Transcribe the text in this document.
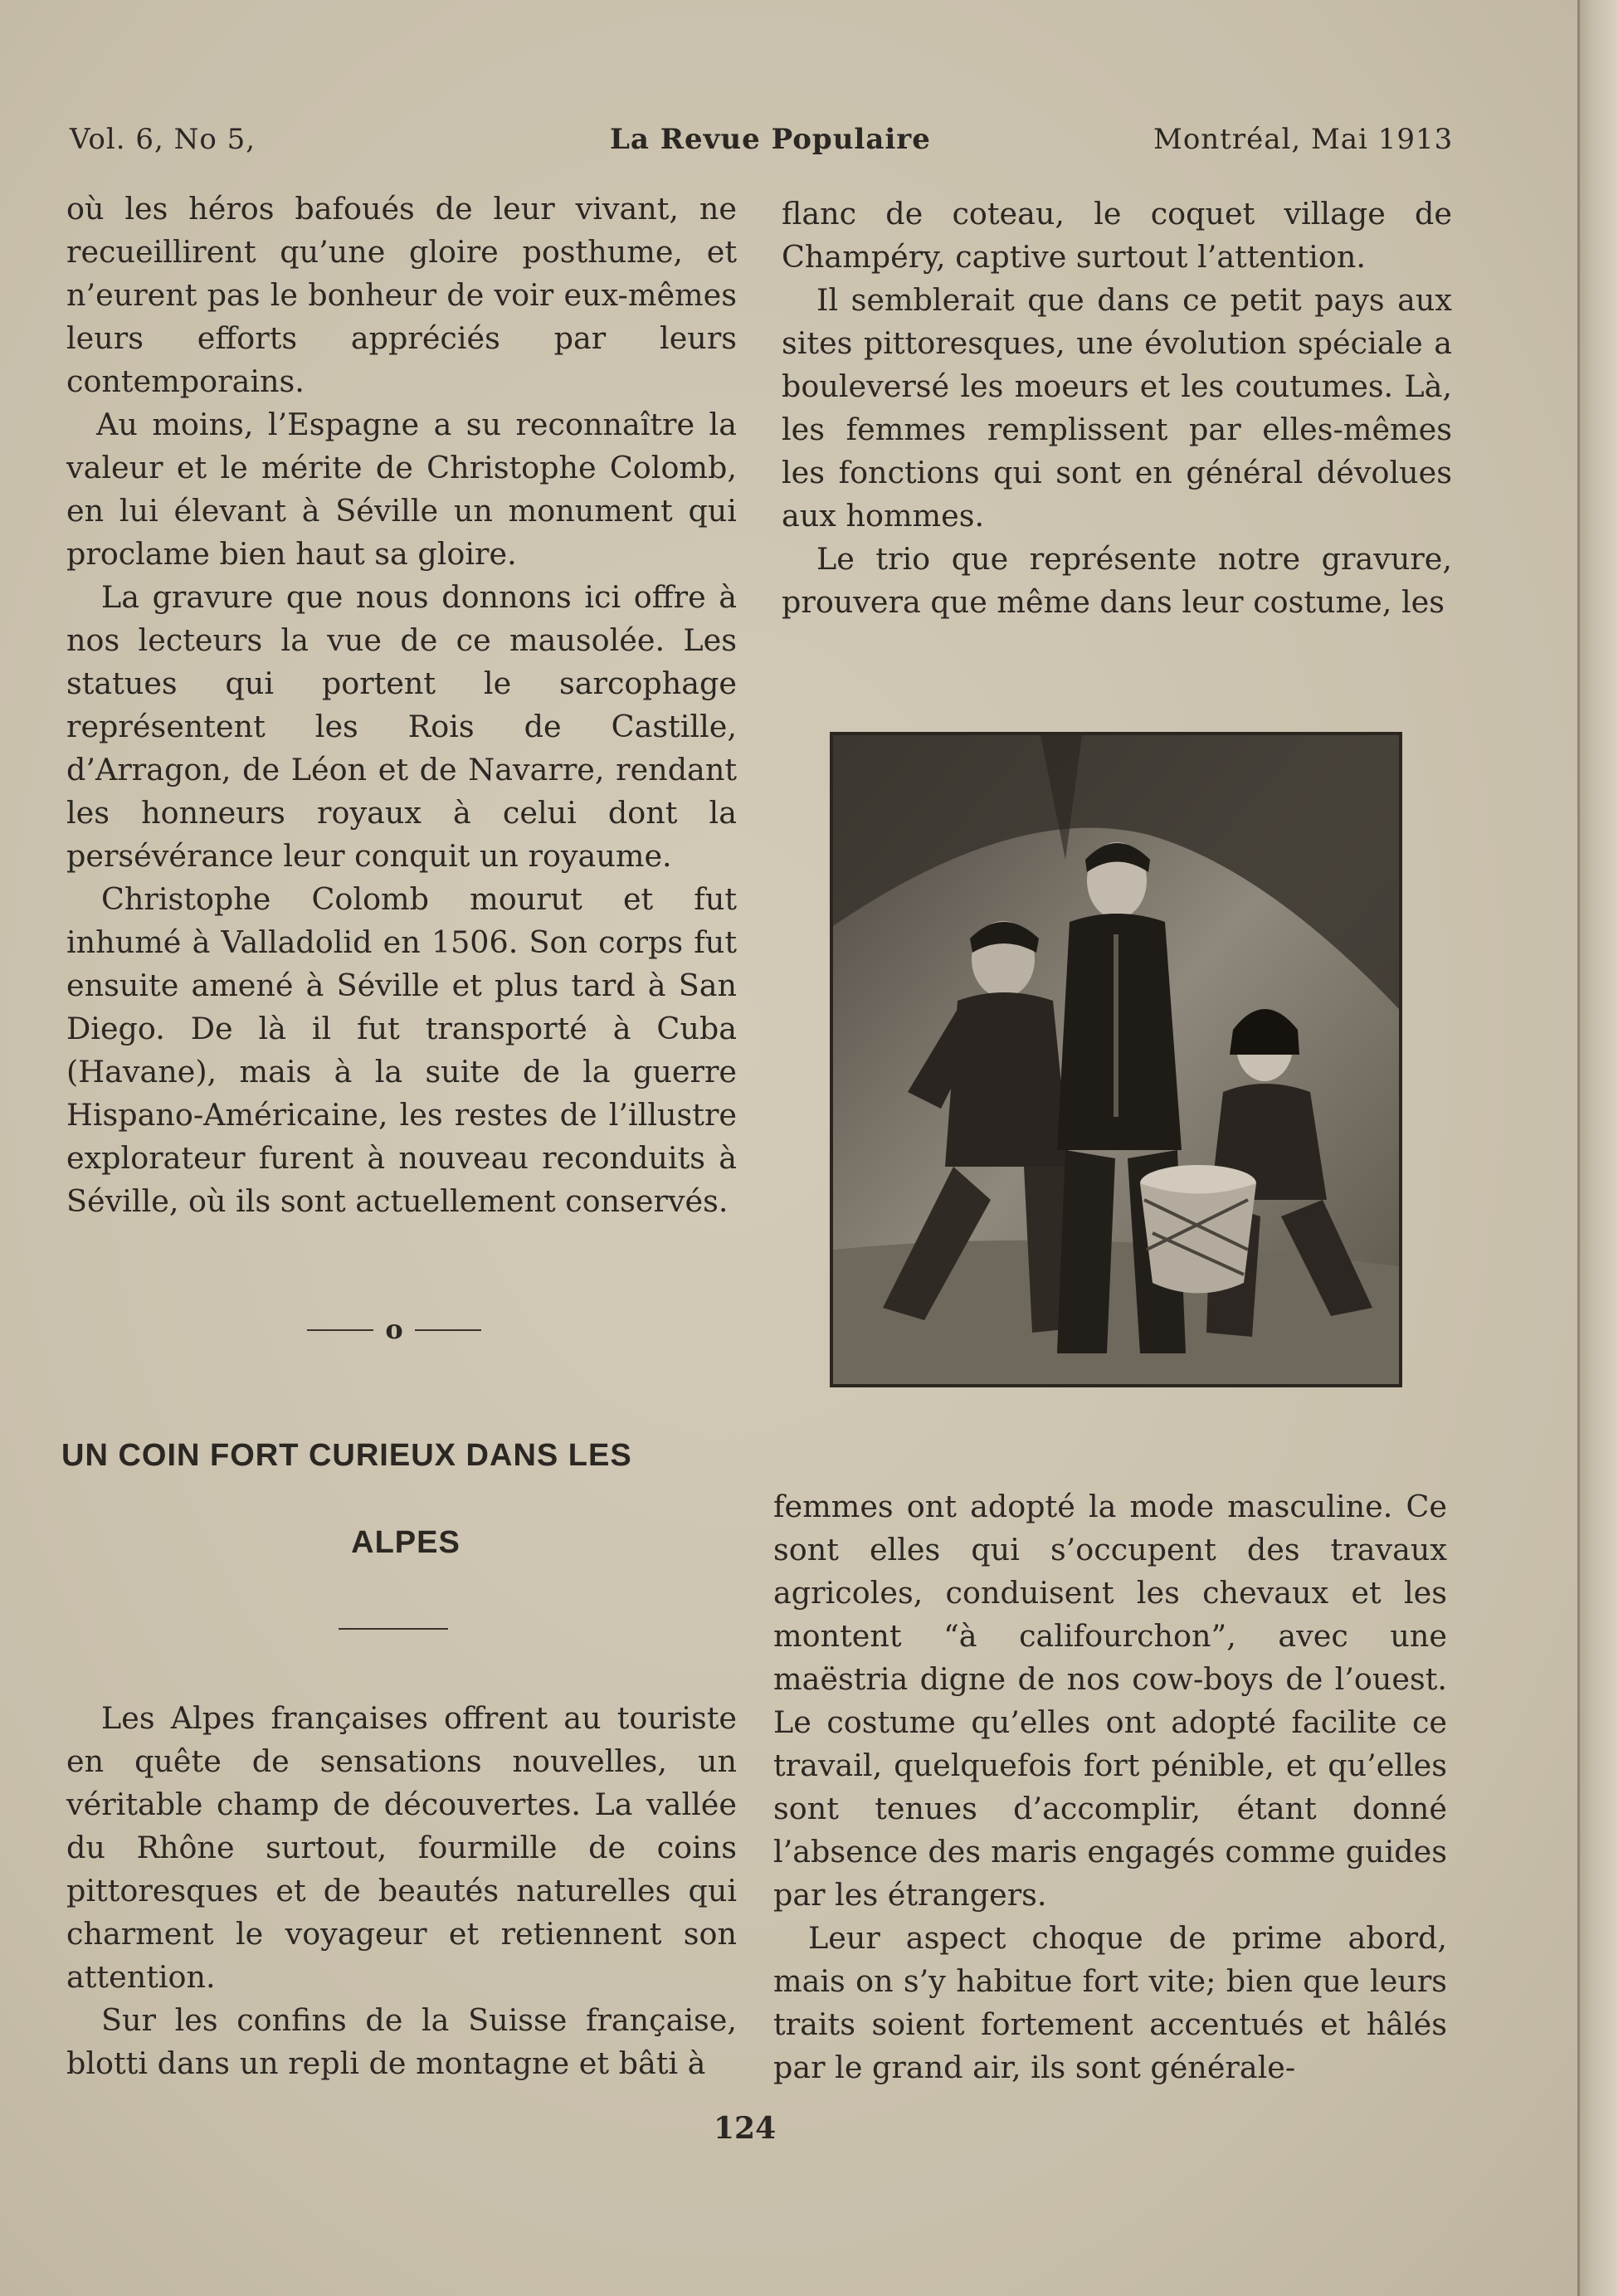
Vol. 6, No 5,	La Revue Populaire	Montréal, Mai 1913

où les héros bafoués de leur vivant, ne recueillirent qu’une gloire posthume, et n’eurent pas le bonheur de voir eux-mêmes leurs efforts appréciés par leurs contemporains.

Au moins, l’Espagne a su reconnaître la valeur et le mérite de Christophe Colomb, en lui élevant à Séville un monument qui proclame bien haut sa gloire.

La gravure que nous donnons ici offre à nos lecteurs la vue de ce mausolée. Les statues qui portent le sarcophage représentent les Rois de Castille, d’Arragon, de Léon et de Navarre, rendant les honneurs royaux à celui dont la persévérance leur conquit un royaume.

Christophe Colomb mourut et fut inhumé à Valladolid en 1506. Son corps fut ensuite amené à Séville et plus tard à San Diego. De là il fut transporté à Cuba (Havane), mais à la suite de la guerre Hispano-Américaine, les restes de l’illustre explorateur furent à nouveau reconduits à Séville, où ils sont actuellement conservés.

o
UN COIN FORT CURIEUX DANS LES
ALPES

Les Alpes françaises offrent au touriste en quête de sensations nouvelles, un véritable champ de découvertes. La vallée du Rhône surtout, fourmille de coins pittoresques et de beautés naturelles qui charment le voyageur et retiennent son attention.

Sur les confins de la Suisse française, blotti dans un repli de montagne et bâti à

flanc de coteau, le coquet village de Champéry, captive surtout l’attention.

Il semblerait que dans ce petit pays aux sites pittoresques, une évolution spéciale a bouleversé les moeurs et les coutumes. Là, les femmes remplissent par elles-mêmes les fonctions qui sont en général dévolues aux hommes.

Le trio que représente notre gravure, prouvera que même dans leur costume, les

femmes ont adopté la mode masculine. Ce sont elles qui s’occupent des travaux agricoles, conduisent les chevaux et les montent “à califourchon”, avec une maëstria digne de nos cow-boys de l’ouest. Le costume qu’elles ont adopté facilite ce travail, quelquefois fort pénible, et qu’elles sont tenues d’accomplir, étant donné l’absence des maris engagés comme guides par les étrangers.

Leur aspect choque de prime abord, mais on s’y habitue fort vite; bien que leurs traits soient fortement accentués et hâlés par le grand air, ils sont générale-

124
